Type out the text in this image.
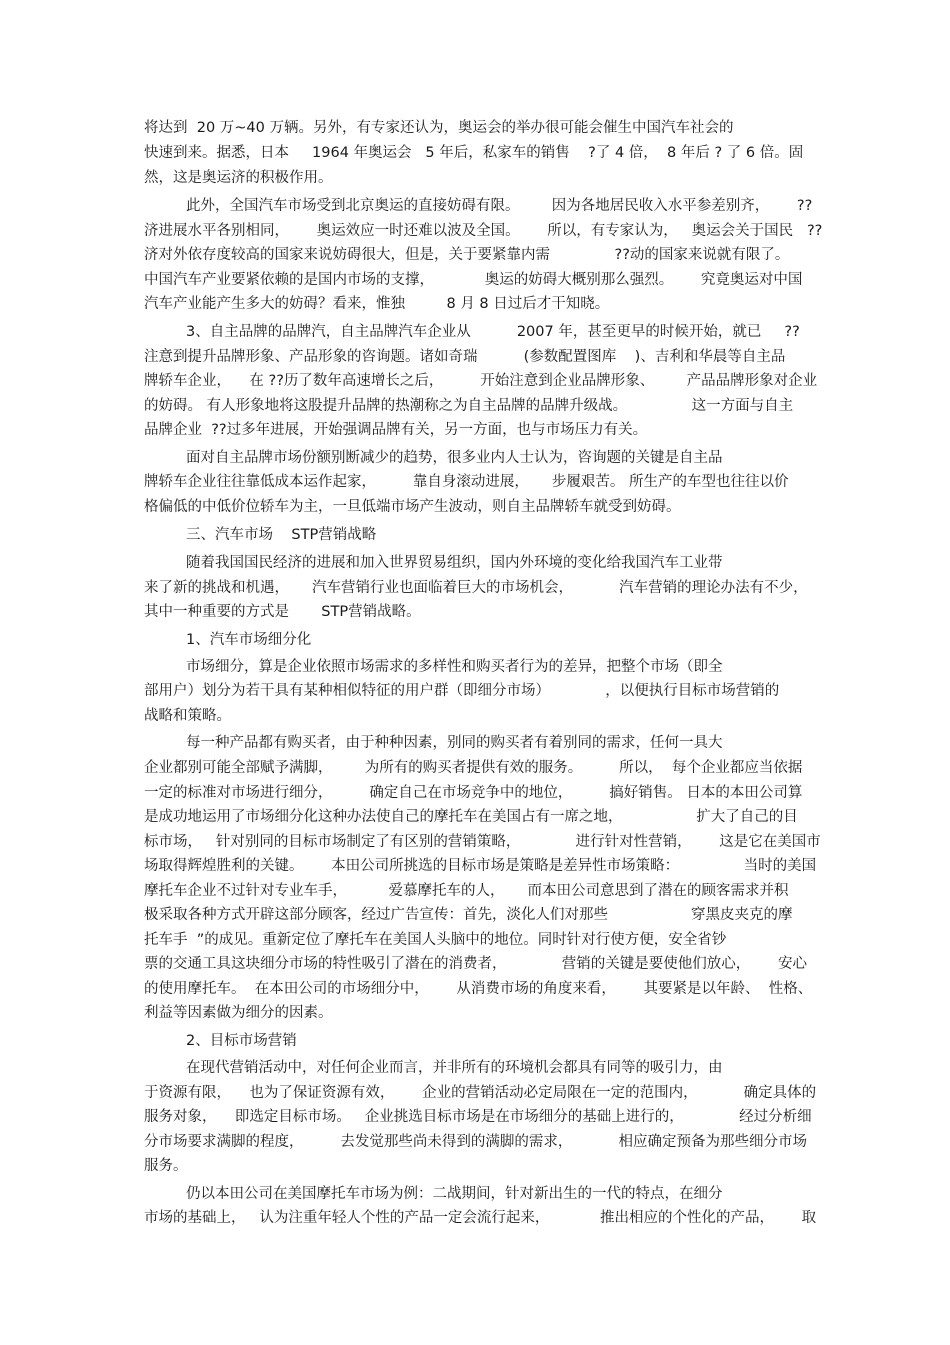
将达到  20 万~40 万辆。另外，有专家还认为，奥运会的举办很可能会催生中国汽车社会的
快速到来。据悉，日本     1964 年奥运会   5 年后，私家车的销售    ?了 4 倍，  8 年后 ? 了 6 倍。固
然，这是奥运济的积极作用。
此外，全国汽车市场受到北京奥运的直接妨碍有限。       因为各地居民收入水平参差别齐，      ??
济进展水平各别相同，      奥运效应一时还难以波及全国。      所以，有专家认为，   奥运会关于国民   ??
济对外依存度较高的国家来说妨碍很大，但是，关于要紧靠内需              ??动的国家来说就有限了。
中国汽车产业要紧依赖的是国内市场的支撑，           奥运的妨碍大概别那么强烈。      究竟奥运对中国
汽车产业能产生多大的妨碍？看来，惟独         8 月 8 日过后才干知晓。
3、自主品牌的品牌汽，自主品牌汽车企业从          2007 年，甚至更早的时候开始，就已     ??
注意到提升品牌形象、产品形象的咨询题。诸如奇瑞          (参数配置图库    )、吉利和华晨等自主品
牌轿车企业，    在 ??历了数年高速增长之后，        开始注意到企业品牌形象、       产品品牌形象对企业
的妨碍。 有人形象地将这股提升品牌的热潮称之为自主品牌的品牌升级战。              这一方面与自主
品牌企业  ??过多年进展，开始强调品牌有关，另一方面，也与市场压力有关。
面对自主品牌市场份额别断减少的趋势，很多业内人士认为，咨询题的关键是自主品
牌轿车企业往往靠低成本运作起家，        靠自身滚动进展，     步履艰苦。 所生产的车型也往往以价
格偏低的中低价位轿车为主，一旦低端市场产生波动，则自主品牌轿车就受到妨碍。
三、汽车市场    STP营销战略
随着我国国民经济的进展和加入世界贸易组织，国内外环境的变化给我国汽车工业带
来了新的挑战和机遇，     汽车营销行业也面临着巨大的市场机会，          汽车营销的理论办法有不少，
其中一种重要的方式是       STP营销战略。
1、汽车市场细分化
市场细分，算是企业依照市场需求的多样性和购买者行为的差异，把整个市场（即全
部用户）划分为若干具有某种相似特征的用户群（即细分市场）            ，以便执行目标市场营销的
战略和策略。
每一种产品都有购买者，由于种种因素，别同的购买者有着别同的需求，任何一具大
企业都别可能全部赋予满脚，       为所有的购买者提供有效的服务。        所以，  每个企业都应当依据
一定的标准对市场进行细分，        确定自己在市场竞争中的地位，        搞好销售。 日本的本田公司算
是成功地运用了市场细分化这种办法使自己的摩托车在美国占有一席之地，                扩大了自己的目
标市场，   针对别同的目标市场制定了有区别的营销策略，            进行针对性营销，      这是它在美国市
场取得辉煌胜利的关键。      本田公司所挑选的目标市场是策略是差异性市场策略：              当时的美国
摩托车企业不过针对专业车手，         爱慕摩托车的人，     而本田公司意思到了潜在的顾客需求并积
极采取各种方式开辟这部分顾客，经过广告宣传：首先，淡化人们对那些                  穿黑皮夹克的摩
托车手  ”的成见。重新定位了摩托车在美国人头脑中的地位。同时针对行使方便，安全省钞
票的交通工具这块细分市场的特性吸引了潜在的消费者，            营销的关键是要使他们放心，      安心
的使用摩托车。  在本田公司的市场细分中，      从消费市场的角度来看，      其要紧是以年龄、  性格、
利益等因素做为细分的因素。
2、目标市场营销
在现代营销活动中，对任何企业而言，并非所有的环境机会都具有同等的吸引力，由
于资源有限，    也为了保证资源有效，      企业的营销活动必定局限在一定的范围内，          确定具体的
服务对象，    即选定目标市场。   企业挑选目标市场是在市场细分的基础上进行的，            经过分析细
分市场要求满脚的程度，        去发觉那些尚未得到的满脚的需求，          相应确定预备为那些细分市场
服务。
仍以本田公司在美国摩托车市场为例：二战期间，针对新出生的一代的特点，在细分
市场的基础上，   认为注重年轻人个性的产品一定会流行起来，           推出相应的个性化的产品，      取
